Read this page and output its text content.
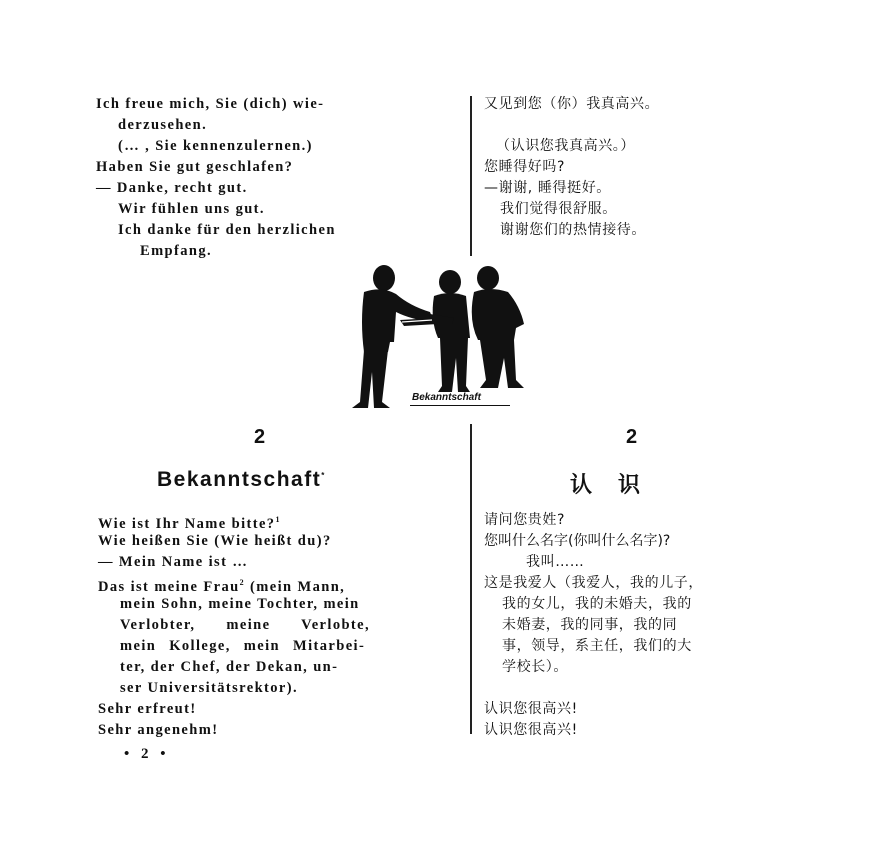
Ich freue mich, Sie (dich) wie-
derzusehen.
(… , Sie kennenzulernen.)
Haben Sie gut geschlafen?
— Danke, recht gut.
Wir fühlen uns gut.
Ich danke für den herzlichen
Empfang.
又见到您（你）我真高兴。
（认识您我真高兴。）
您睡得好吗?
—谢谢, 睡得挺好。
我们觉得很舒服。
谢谢您们的热情接待。
Bekanntschaft
2	2
Bekanntschaft*	认识
Wie ist Ihr Name bitte?$^1$
Wie heißen Sie (Wie heißt du)?
— Mein Name ist …
Das ist meine Frau$^2$ (mein Mann,
mein Sohn, meine Tochter, mein
Verlobter, meine Verlobte,
mein Kollege, mein Mitarbei-
ter, der Chef, der Dekan, un-
ser Universitätsrektor).
Sehr erfreut!
Sehr angenehm!
请问您贵姓?
您叫什么名字(你叫什么名字)?
我叫……
这是我爱人（我爱人，我的儿子，
我的女儿，我的未婚夫，我的
未婚妻，我的同事，我的同
事，领导，系主任，我们的大
学校长）。
认识您很高兴!
认识您很高兴!
• 2 •
